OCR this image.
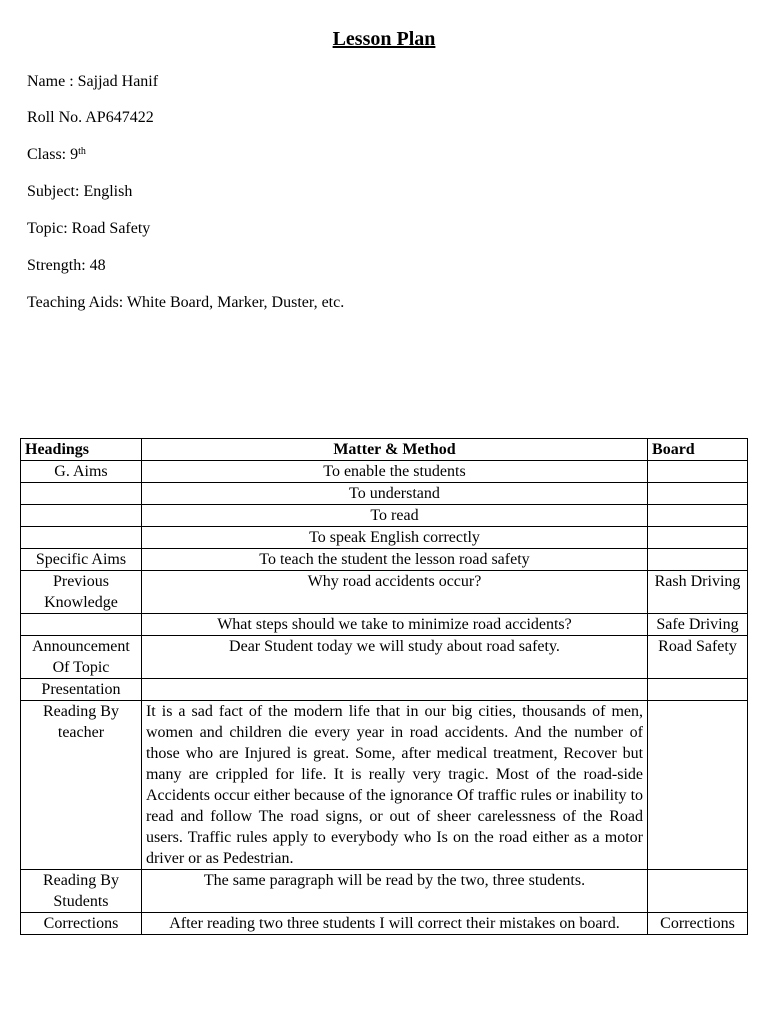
Lesson Plan
Name : Sajjad Hanif
Roll No. AP647422
Class: 9th
Subject: English
Topic: Road Safety
Strength: 48
Teaching Aids: White Board, Marker, Duster, etc.
Headings	Matter & Method	Board
G. Aims	To enable the students	
	To understand	
	To read	
	To speak English correctly	
Specific Aims	To teach the student the lesson road safety	
Previous Knowledge	Why road accidents occur?	Rash Driving
	What steps should we take to minimize road accidents?	Safe Driving
Announcement Of Topic	Dear Student today we will study about road safety.	Road Safety
Presentation		
Reading By teacher	It is a sad fact of the modern life that in our big cities, thousands of men, women and children die every year in road accidents. And the number of those who are Injured is great. Some, after medical treatment, Recover but many are crippled for life. It is really very tragic. Most of the road-side Accidents occur either because of the ignorance Of traffic rules or inability to read and follow The road signs, or out of sheer carelessness of the Road users. Traffic rules apply to everybody who Is on the road either as a motor driver or as Pedestrian.	
Reading By Students	The same paragraph will be read by the two, three students.	
Corrections	After reading two three students I will correct their mistakes on board.	Corrections
